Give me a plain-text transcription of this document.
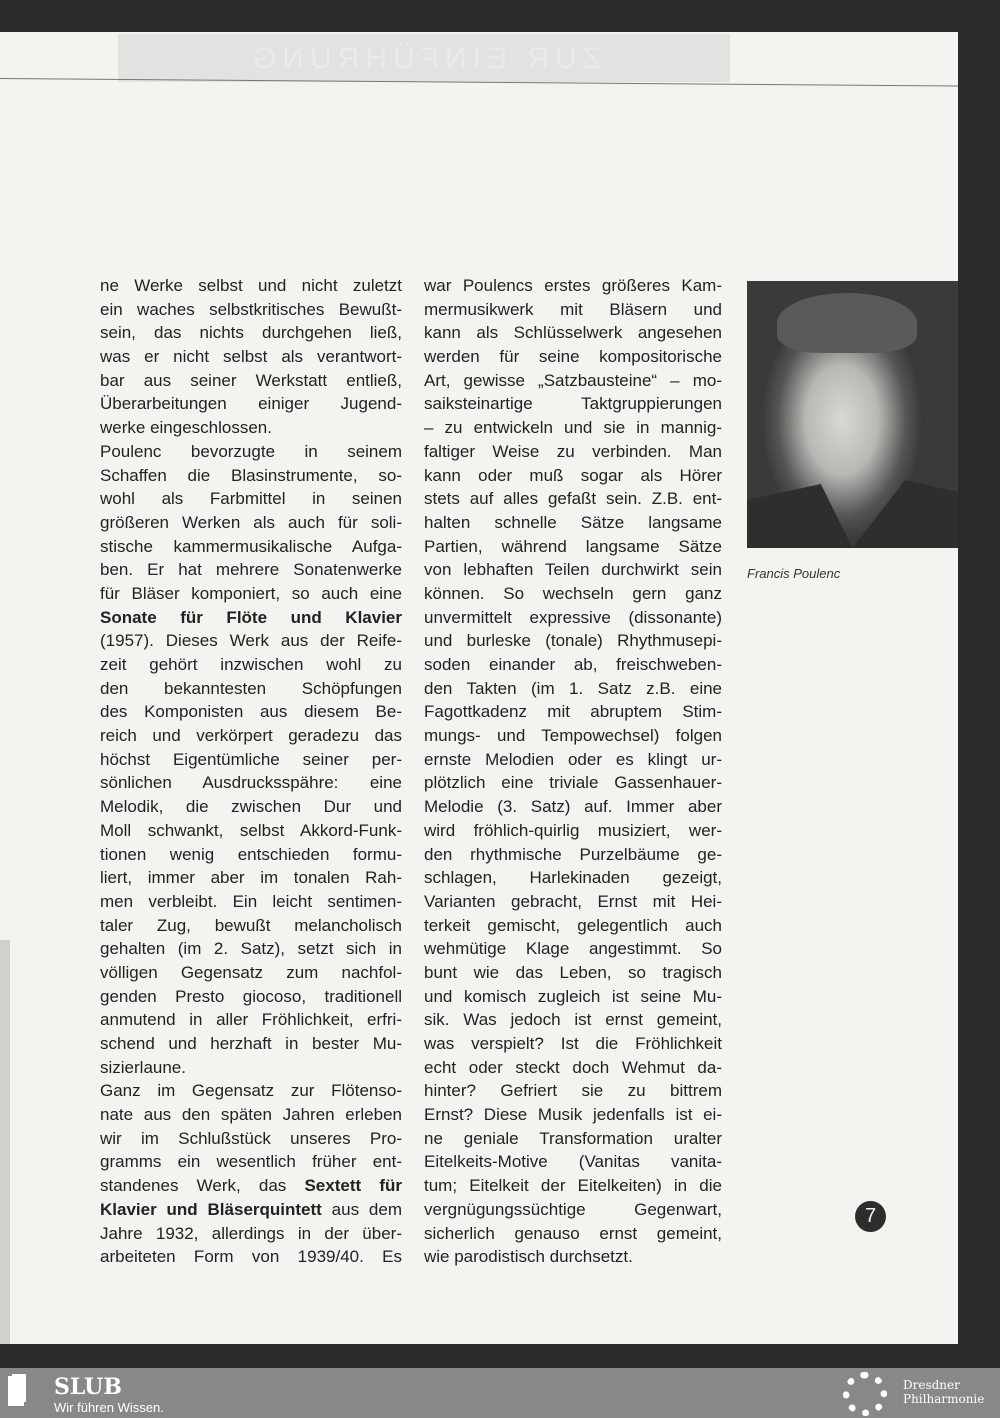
ZUR EINFÜHRUNG
ne Werke selbst und nicht zuletzt
ein waches selbstkritisches Bewußt-
sein, das nichts durchgehen ließ,
was er nicht selbst als verantwort-
bar aus seiner Werkstatt entließ,
Überarbeitungen einiger Jugend-
werke eingeschlossen.
Poulenc bevorzugte in seinem
Schaffen die Blasinstrumente, so-
wohl als Farbmittel in seinen
größeren Werken als auch für soli-
stische kammermusikalische Aufga-
ben. Er hat mehrere Sonatenwerke
für Bläser komponiert, so auch eine
Sonate für Flöte und Klavier
(1957). Dieses Werk aus der Reife-
zeit gehört inzwischen wohl zu
den bekanntesten Schöpfungen
des Komponisten aus diesem Be-
reich und verkörpert geradezu das
höchst Eigentümliche seiner per-
sönlichen Ausdrucksspähre: eine
Melodik, die zwischen Dur und
Moll schwankt, selbst Akkord-Funk-
tionen wenig entschieden formu-
liert, immer aber im tonalen Rah-
men verbleibt. Ein leicht sentimen-
taler Zug, bewußt melancholisch
gehalten (im 2. Satz), setzt sich in
völligen Gegensatz zum nachfol-
genden Presto giocoso, traditionell
anmutend in aller Fröhlichkeit, erfri-
schend und herzhaft in bester Mu-
sizierlaune.
Ganz im Gegensatz zur Flötenso-
nate aus den späten Jahren erleben
wir im Schlußstück unseres Pro-
gramms ein wesentlich früher ent-
standenes Werk, das Sextett für
Klavier und Bläserquintett aus dem
Jahre 1932, allerdings in der über-
arbeiteten Form von 1939/40. Es
war Poulencs erstes größeres Kam-
mermusikwerk mit Bläsern und
kann als Schlüsselwerk angesehen
werden für seine kompositorische
Art, gewisse „Satzbausteine“ – mo-
saiksteinartige Taktgruppierungen
– zu entwickeln und sie in mannig-
faltiger Weise zu verbinden. Man
kann oder muß sogar als Hörer
stets auf alles gefaßt sein. Z.B. ent-
halten schnelle Sätze langsame
Partien, während langsame Sätze
von lebhaften Teilen durchwirkt sein
können. So wechseln gern ganz
unvermittelt expressive (dissonante)
und burleske (tonale) Rhythmusepi-
soden einander ab, freischweben-
den Takten (im 1. Satz z.B. eine
Fagottkadenz mit abruptem Stim-
mungs- und Tempowechsel) folgen
ernste Melodien oder es klingt ur-
plötzlich eine triviale Gassenhauer-
Melodie (3. Satz) auf. Immer aber
wird fröhlich-quirlig musiziert, wer-
den rhythmische Purzelbäume ge-
schlagen, Harlekinaden gezeigt,
Varianten gebracht, Ernst mit Hei-
terkeit gemischt, gelegentlich auch
wehmütige Klage angestimmt. So
bunt wie das Leben, so tragisch
und komisch zugleich ist seine Mu-
sik. Was jedoch ist ernst gemeint,
was verspielt? Ist die Fröhlichkeit
echt oder steckt doch Wehmut da-
hinter? Gefriert sie zu bittrem
Ernst? Diese Musik jedenfalls ist ei-
ne geniale Transformation uralter
Eitelkeits-Motive (Vanitas vanita-
tum; Eitelkeit der Eitelkeiten) in die
vergnügungssüchtige Gegenwart,
sicherlich genauso ernst gemeint,
wie parodistisch durchsetzt.
Francis Poulenc
7
SLUB
Wir führen Wissen.
Dresdner
Philharmonie
